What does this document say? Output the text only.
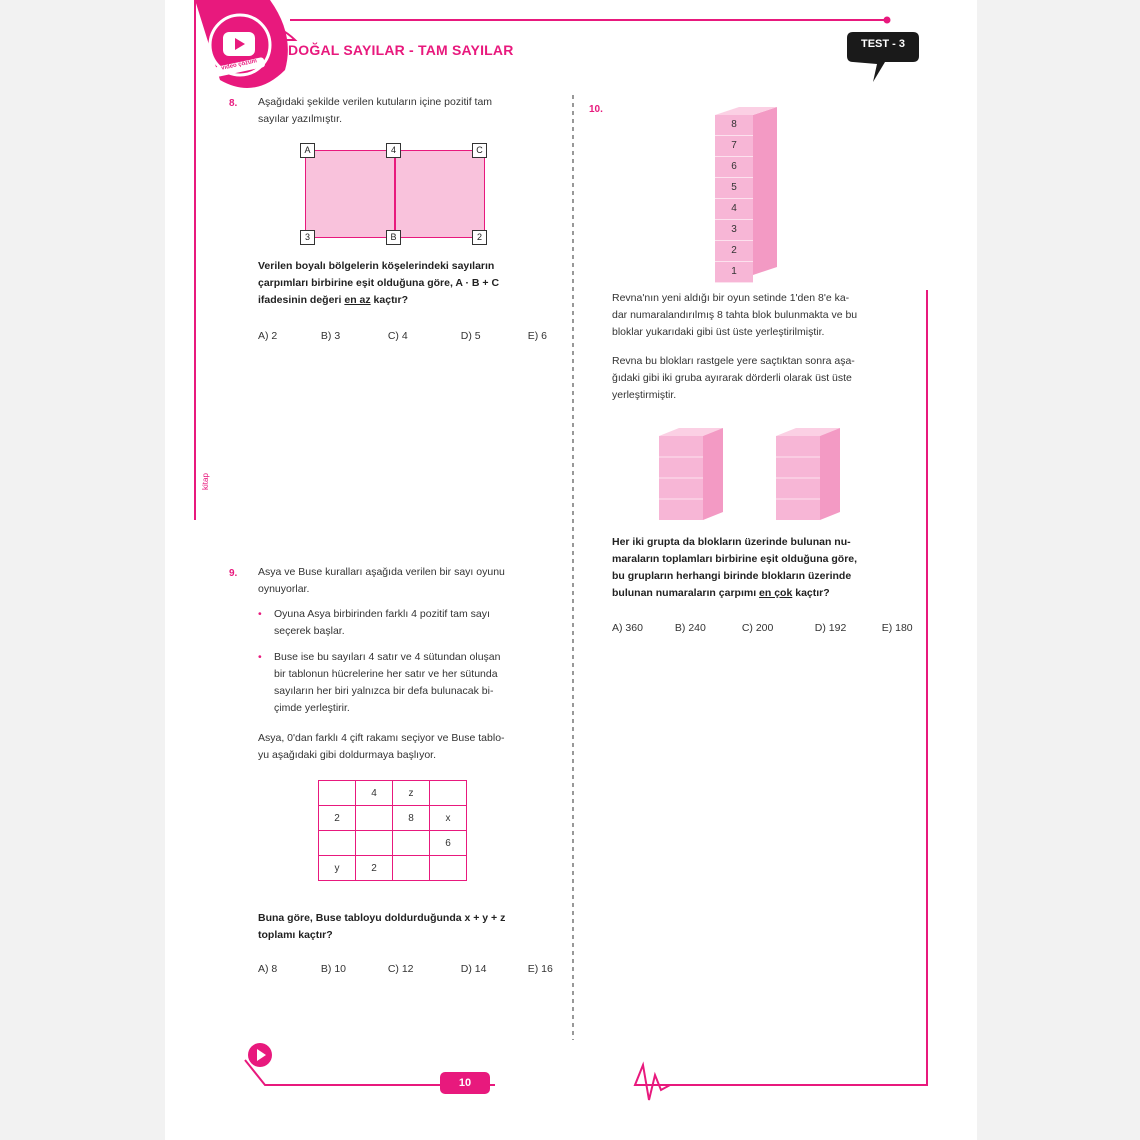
video çözüm
DOĞAL SAYILAR - TAM SAYILAR	TEST - 3
kitap
8. Aşağıdaki şekilde verilen kutuların içine pozitif tam
sayılar yazılmıştır.
A	4	C
3	B	2
Verilen boyalı bölgelerin köşelerindeki sayıların
çarpımları birbirine eşit olduğuna göre, A · B + C
ifadesinin değeri en az kaçtır?
A) 2	B) 3	C) 4	D) 5	E) 6
9. Asya ve Buse kuralları aşağıda verilen bir sayı oyunu
oynuyorlar.
• Oyuna Asya birbirinden farklı 4 pozitif tam sayı
seçerek başlar.
• Buse ise bu sayıları 4 satır ve 4 sütundan oluşan
bir tablonun hücrelerine her satır ve her sütunda
sayıların her biri yalnızca bir defa bulunacak bi-
çimde yerleştirir.
Asya, 0'dan farklı 4 çift rakamı seçiyor ve Buse tablo-
yu aşağıdaki gibi doldurmaya başlıyor.
	4	z	
2		8	x
			6
y	2		
Buna göre, Buse tabloyu doldurduğunda x + y + z
toplamı kaçtır?
A) 8	B) 10	C) 12	D) 14	E) 16
10.
8
7
6
5
4
3
2
1
Revna'nın yeni aldığı bir oyun setinde 1'den 8'e ka-
dar numaralandırılmış 8 tahta blok bulunmakta ve bu
bloklar yukarıdaki gibi üst üste yerleştirilmiştir.
Revna bu blokları rastgele yere saçtıktan sonra aşa-
ğıdaki gibi iki gruba ayırarak dörderli olarak üst üste
yerleştirmiştir.
Her iki grupta da blokların üzerinde bulunan nu-
maraların toplamları birbirine eşit olduğuna göre,
bu grupların herhangi birinde blokların üzerinde
bulunan numaraların çarpımı en çok kaçtır?
A) 360	B) 240	C) 200	D) 192	E) 180
10
